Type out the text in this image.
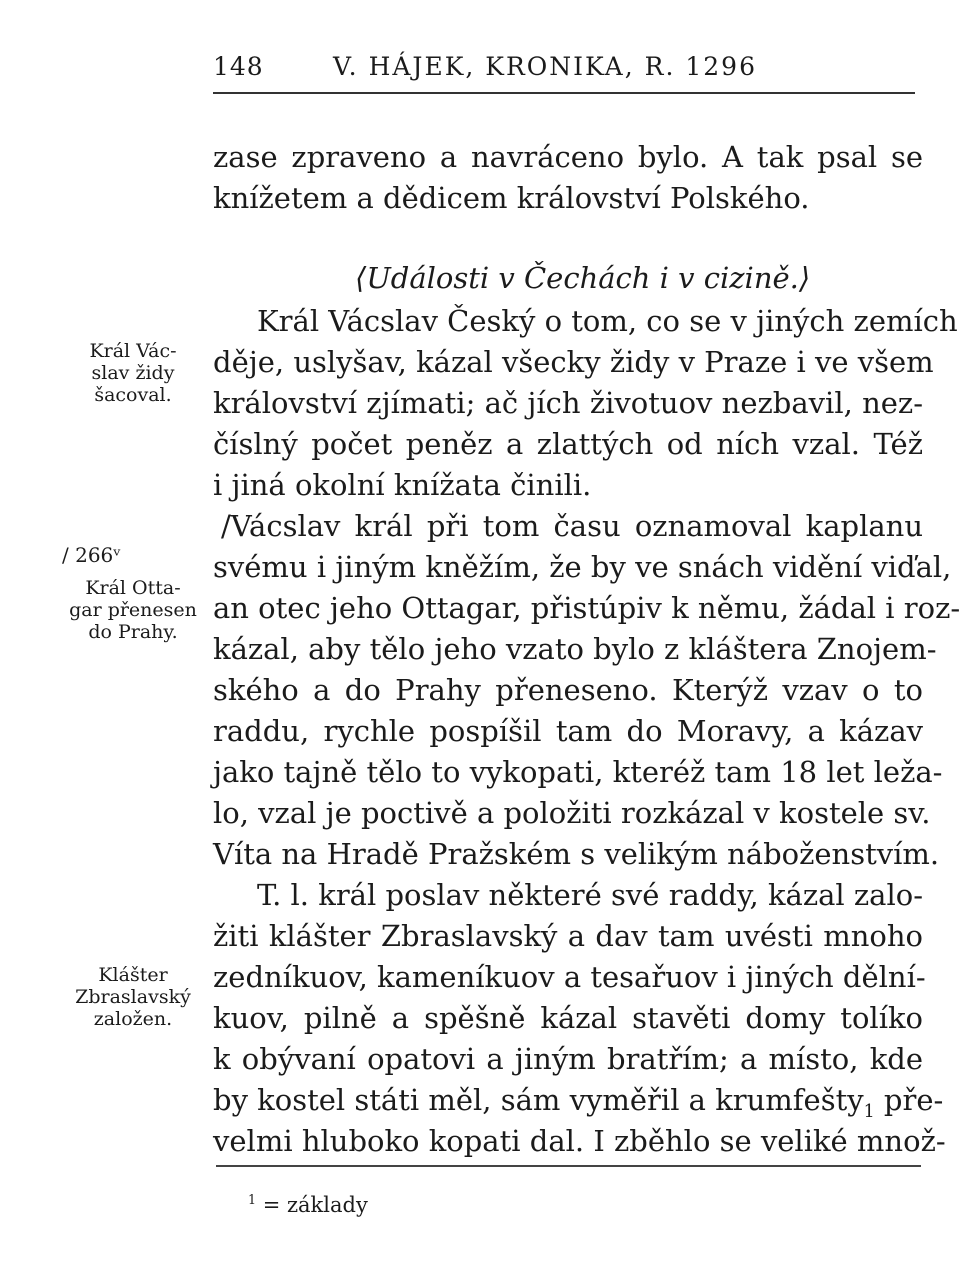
148	V. HÁJEK, KRONIKA, R. 1296
zase zpraveno a navráceno bylo. A tak psal se
knížetem a dědicem království Polského.

Král Vácslav Český o tom, co se v jiných zemích
děje, uslyšav, kázal všecky židy v Praze i ve všem
království zjímati; ač jích životuov nezbavil, nez-
čísln​ý počet peněz a zlattých od ních vzal. Též
i jiná okolní knížata činili.
/Vácslav král při tom času oznamoval kaplanu
svému i jiným kněžím, že by ve snách vidění viďal,
an otec jeho Ottagar, přistúpiv k němu, žádal i roz-
kázal, aby tělo jeho vzato bylo z kláštera Znojem-
ského a do Prahy přeneseno. Kterýž vzav o to
raddu, rychle pospíšil tam do Moravy, a kázav
jako tajně tělo to vykopati, kteréž tam 18 let leža-
lo, vzal je poctivě a položiti rozkázal v kostele sv.
Víta na Hradě Pražském s velikým nábožen​stvím.
T. l. král poslav některé své raddy, kázal zalo-
žiti klášter Zbraslavský a dav tam uvésti mnoho
zedníkuov, kameníkuov a tesařuov i jiných dělní-
kuov, pilně a spěšně kázal stavěti domy tolíko
k obývaní opatovi a jiným bratřím; a místo, kde
by kostel státi měl, sám vyměřil a krumfešty$_1$ pře-
velmi hluboko kopati dal. I zběhlo se veliké množ-
⟨Události v Čechách i v cizině.⟩
Král Vác-
slav židy
šacoval.
/ 266ᵛ
Král Otta-
gar přenesen
do Prahy.
Klášter
Zbraslavský
založen.
$^1$ = základy
